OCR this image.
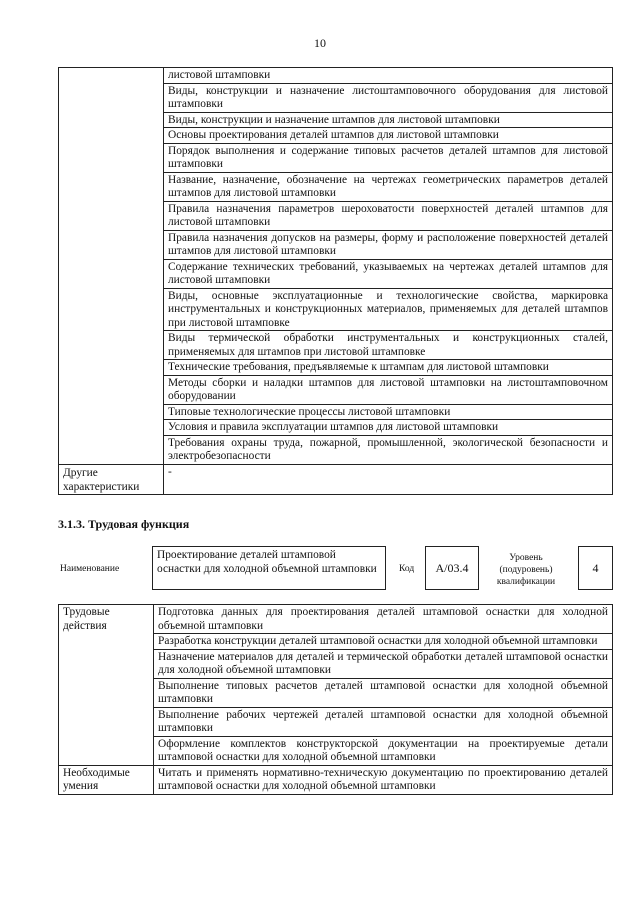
10
	листовой штамповки
	Виды, конструкции и назначение листоштамповочного оборудования для листовой штамповки
	Виды, конструкции и назначение штампов для листовой штамповки
	Основы проектирования деталей штампов для листовой штамповки
	Порядок выполнения и содержание типовых расчетов деталей штампов для листовой штамповки
	Название, назначение, обозначение на чертежах геометрических параметров деталей штампов для листовой штамповки
	Правила назначения параметров шероховатости поверхностей деталей штампов для листовой штамповки
	Правила назначения допусков на размеры, форму и расположение поверхностей деталей штампов для листовой штамповки
	Содержание технических требований, указываемых на чертежах деталей штампов для листовой штамповки
	Виды, основные эксплуатационные и технологические свойства, маркировка инструментальных и конструкционных материалов, применяемых для деталей штампов при листовой штамповке
	Виды термической обработки инструментальных и конструкционных сталей, применяемых для штампов при листовой штамповке
	Технические требования, предъявляемые к штампам для листовой штамповки
	Методы сборки и наладки штампов для листовой штамповки на листоштамповочном оборудовании
	Типовые технологические процессы листовой штамповки
	Условия и правила эксплуатации штампов для листовой штамповки
	Требования охраны труда, пожарной, промышленной, экологической безопасности и электробезопасности
Другие характеристики	-
3.1.3. Трудовая функция
Наименование
Проектирование деталей штамповой оснастки для холодной объемной штамповки	Код	A/03.4
Уровень (подуровень) квалификации
4
Трудовые действия	Подготовка данных для проектирования деталей штамповой оснастки для холодной объемной штамповки
	Разработка конструкции деталей штамповой оснастки для холодной объемной штамповки
	Назначение материалов для деталей и термической обработки деталей штамповой оснастки для холодной объемной штамповки
	Выполнение типовых расчетов деталей штамповой оснастки для холодной объемной штамповки
	Выполнение рабочих чертежей деталей штамповой оснастки для холодной объемной штамповки
	Оформление комплектов конструкторской документации на проектируемые детали штамповой оснастки для холодной объемной штамповки
Необходимые умения	Читать и применять нормативно-техническую документацию по проектированию деталей штамповой оснастки для холодной объемной штамповки
